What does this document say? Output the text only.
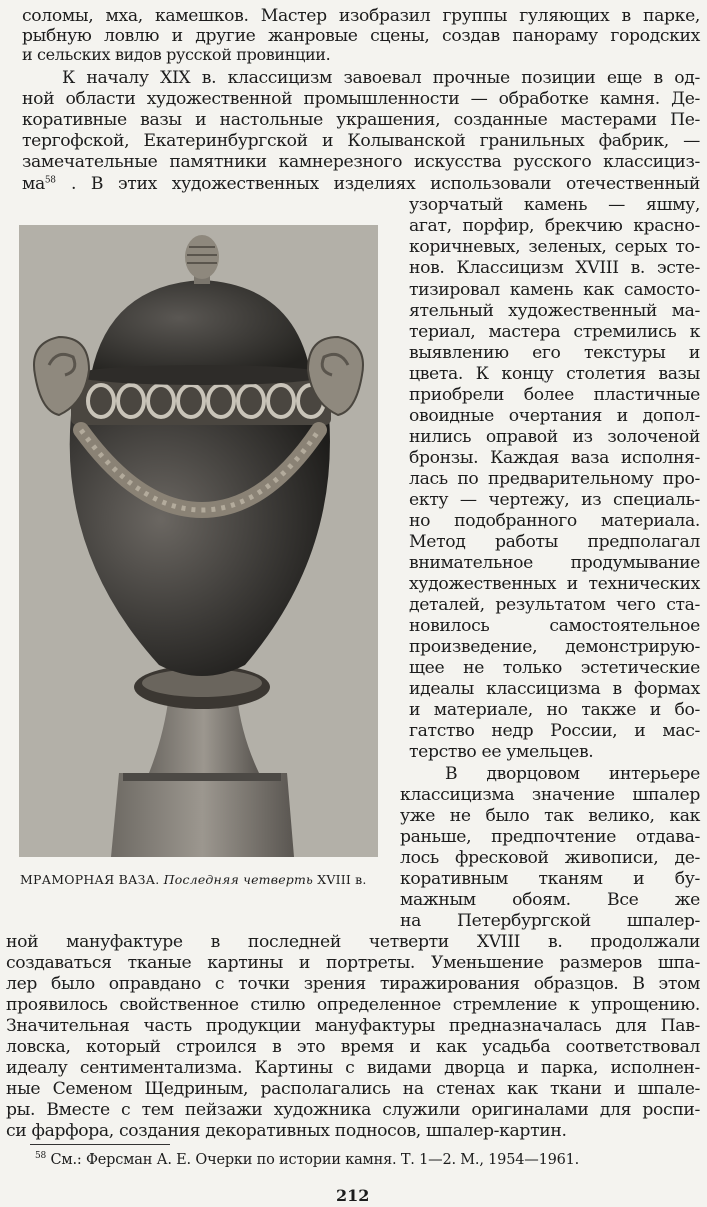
соломы, мха, камешков. Мастер изобразил группы гуляющих в парке,
рыбную ловлю и другие жанровые сцены, создав панораму городских
и сельских видов русской провинции.
К началу XIX в. классицизм завоевал прочные позиции еще в од-
ной области художественной промышленности — обработке камня. Де-
коративные вазы и настольные украшения, созданные мастерами Пе-
тергофской, Екатеринбургской и Колыванской гранильных фабрик, —
замечательные памятники камнерезного искусства русского классициз-
$ма^{58}$ . В этих художественных изделиях использовали отечественный
узорчатый камень — яшму,
агат, порфир, брекчию красно-
коричневых, зеленых, серых то-
нов. Классицизм XVIII в. эсте-
тизировал камень как самосто-
ятельный художественный ма-
териал, мастера стремились к
выявлению его текстуры и
цвета. К концу столетия вазы
приобрели более пластичные
овоидные очертания и допол-
нились оправой из золоченой
бронзы. Каждая ваза исполня-
лась по предварительному про-
екту — чертежу, из специаль-
но подобранного материала.
Метод работы предполагал
внимательное продумывание
художественных и технических
деталей, результатом чего ста-
новилось самостоятельное
произведение, демонстрирую-
щее не только эстетические
идеалы классицизма в формах
и материале, но также и бо-
гатство недр России, и мас-
терство ее умельцев.
В дворцовом интерьере
классицизма значение шпалер
уже не было так велико, как
раньше, предпочтение отдава-
лось фресковой живописи, де-
коративным тканям и бу-
мажным обоям. Все же
на Петербургской шпалер-
ной мануфактуре в последней четверти XVIII в. продолжали
создаваться тканые картины и портреты. Уменьшение размеров шпа-
лер было оправдано с точки зрения тиражирования образцов. В этом
проявилось свойственное стилю определенное стремление к упрощению.
Значительная часть продукции мануфактуры предназначалась для Пав-
ловска, который строился в это время и как усадьба соответствовал
идеалу сентиментализма. Картины с видами дворца и парка, исполнен-
ные Семеном Щедриным, располагались на стенах как ткани и шпале-
ры. Вместе с тем пейзажи художника служили оригиналами для роспи-
си фарфора, создания декоративных подносов, шпалер-картин.
МРАМОРНАЯ ВАЗА. Последняя четверть XVIII в.
$^{58}$ См.: Ферсман А. Е. Очерки по истории камня. Т. 1—2. М., 1954—1961.
212
